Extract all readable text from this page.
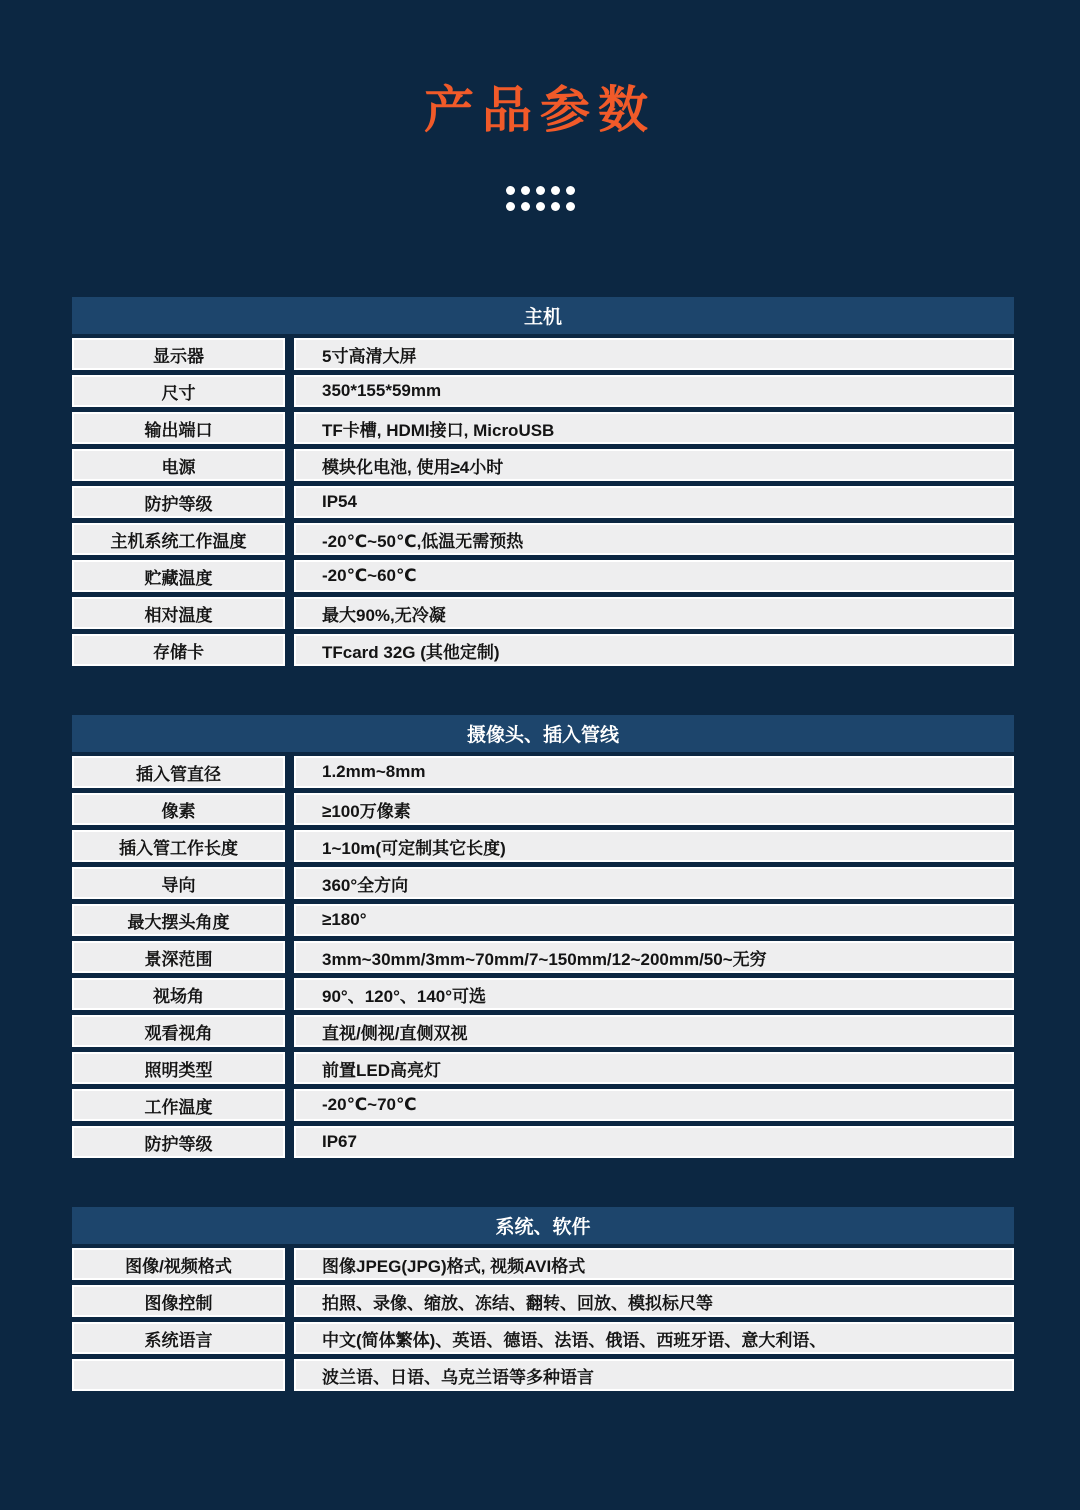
产品参数
主机
显示器	5寸高清大屏
尺寸	350*155*59mm
输出端口	TF卡槽, HDMI接口, MicroUSB
电源	模块化电池, 使用≥4小时
防护等级	IP54
主机系统工作温度	-20℃~50℃,低温无需预热
贮藏温度	-20℃~60℃
相对温度	最大90%,无冷凝
存储卡	TFcard 32G (其他定制)
摄像头、插入管线
插入管直径	1.2mm~8mm
像素	≥100万像素
插入管工作长度	1~10m(可定制其它长度)
导向	360°全方向
最大摆头角度	≥180°
景深范围	3mm~30mm/3mm~70mm/7~150mm/12~200mm/50~无穷
视场角	90°、120°、140°可选
观看视角	直视/侧视/直侧双视
照明类型	前置LED高亮灯
工作温度	-20℃~70℃
防护等级	IP67
系统、软件
图像/视频格式	图像JPEG(JPG)格式, 视频AVI格式
图像控制	拍照、录像、缩放、冻结、翻转、回放、模拟标尺等
系统语言	中文(简体繁体)、英语、德语、法语、俄语、西班牙语、意大利语、
波兰语、日语、乌克兰语等多种语言
